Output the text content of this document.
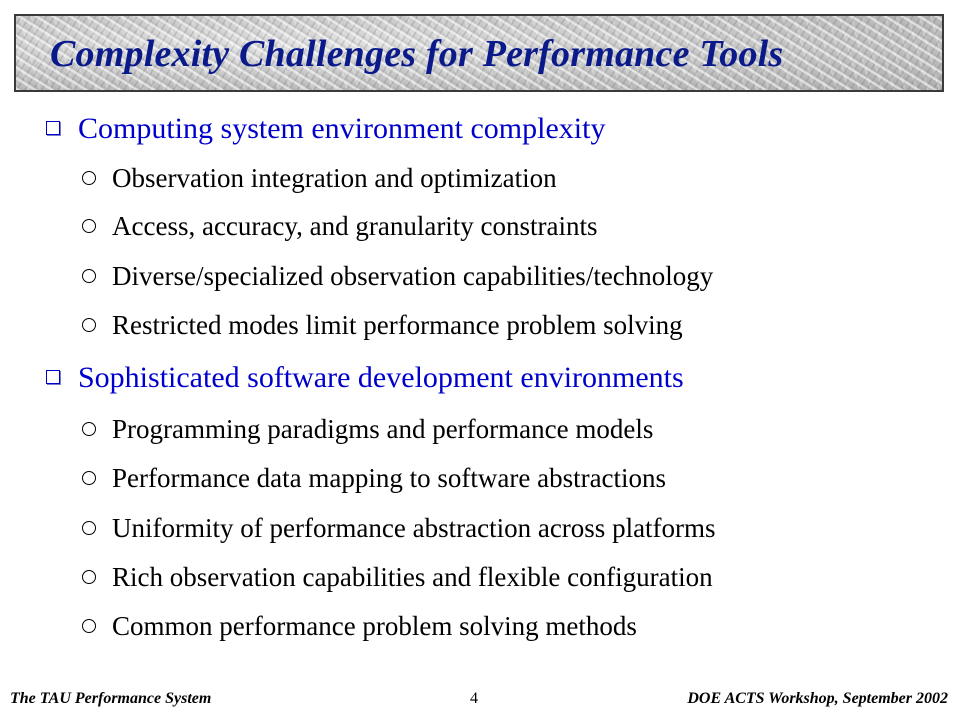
Complexity Challenges for Performance Tools
Computing system environment complexity
Observation integration and optimization
Access, accuracy, and granularity constraints
Diverse/specialized observation capabilities/technology
Restricted modes limit performance problem solving
Sophisticated software development environments
Programming paradigms and performance models
Performance data mapping to software abstractions
Uniformity of performance abstraction across platforms
Rich observation capabilities and flexible configuration
Common performance problem solving methods
The TAU Performance System	4	DOE ACTS Workshop, September 2002
